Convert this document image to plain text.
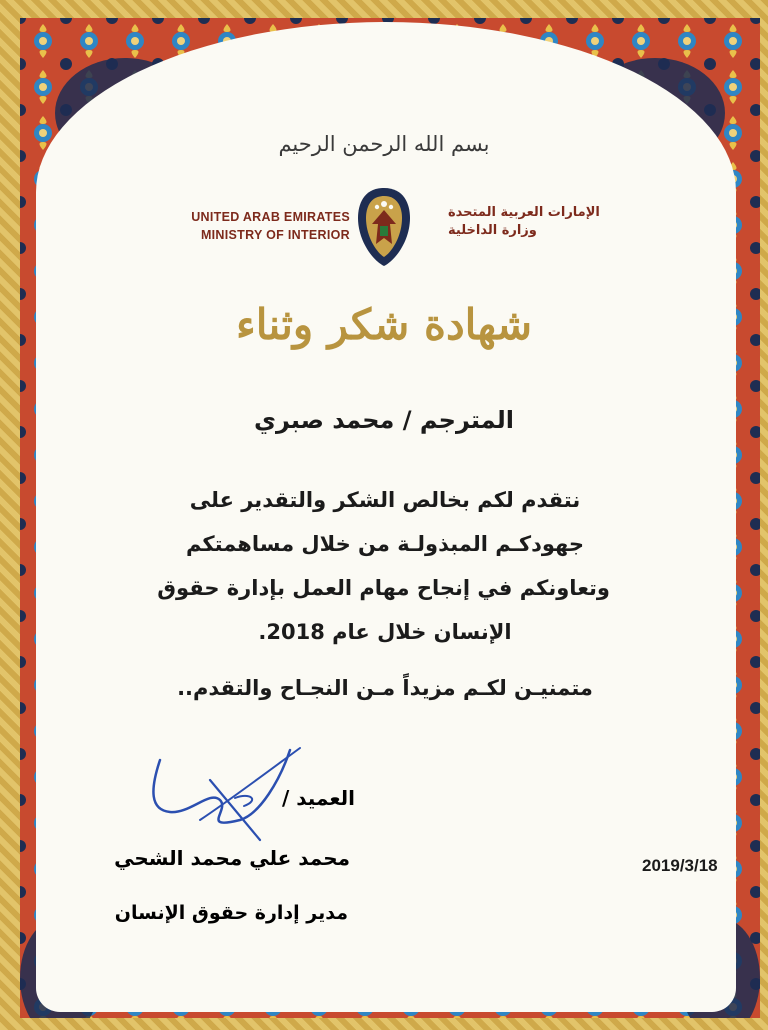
بسم الله الرحمن الرحيم
UNITED ARAB EMIRATES
MINISTRY OF INTERIOR
الإمارات العربية المتحدة
وزارة الداخلية
شهادة شكر وثناء
المترجم / محمد صبري
نتقدم لكم بخالص الشكر والتقدير على
جهودكـم المبذولـة من خلال مساهمتكم
وتعاونكم في إنجاح مهام العمل بإدارة حقوق
الإنسان خلال عام 2018.
متمنيـن لكـم مزيداً مـن النجـاح والتقدم..
العميد /
محمد علي محمد الشحي
مدير إدارة حقوق الإنسان
2019/3/18
